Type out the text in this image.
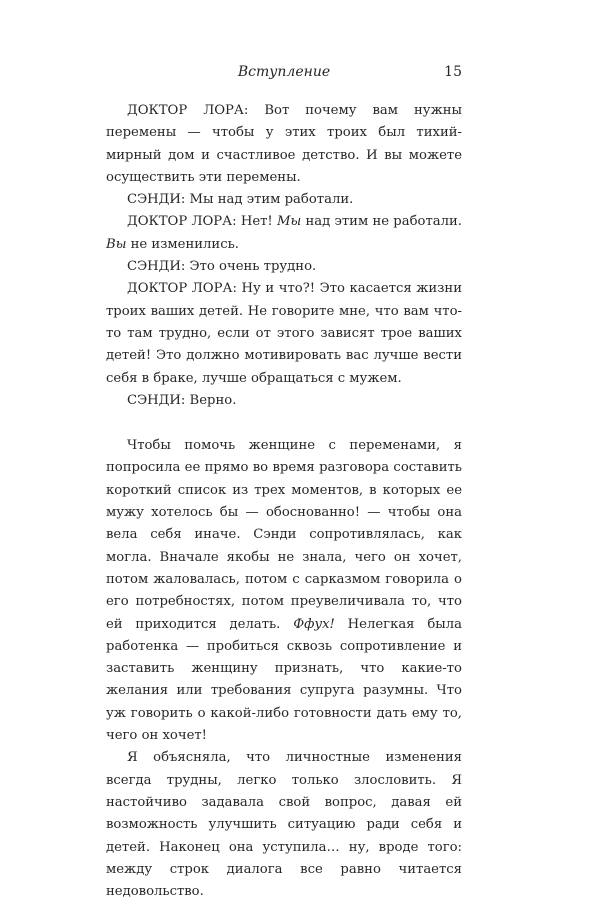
Вступление	15

ДОКТОР ЛОРА: Вот почему вам нужны перемены — чтобы у этих троих был тихий-мирный дом и счастливое детство. И вы можете осуществить эти перемены.

СЭНДИ: Мы над этим работали.

ДОКТОР ЛОРА: Нет! Мы над этим не работали. Вы не изменились.

СЭНДИ: Это очень трудно.

ДОКТОР ЛОРА: Ну и что?! Это касается жизни троих ваших детей. Не говорите мне, что вам что-то там трудно, если от этого зависят трое ваших детей! Это должно мотивировать вас лучше вести себя в браке, лучше обращаться с мужем.

СЭНДИ: Верно.

Чтобы помочь женщине с переменами, я попросила ее прямо во время разговора составить короткий список из трех моментов, в которых ее мужу хотелось бы — обоснованно! — чтобы она вела себя иначе. Сэнди сопротивлялась, как могла. Вначале якобы не знала, чего он хочет, потом жаловалась, потом с сарказмом говорила о его потребностях, потом преувеличивала то, что ей приходится делать. Ффух! Нелегкая была работенка — пробиться сквозь сопротивление и заставить женщину признать, что какие-то желания или требования супруга разумны. Что уж говорить о какой-либо готовности дать ему то, чего он хочет!

Я объясняла, что личностные изменения всегда трудны, легко только злословить. Я настойчиво задавала свой вопрос, давая ей возможность улучшить ситуацию ради себя и детей. Наконец она уступила… ну, вроде того: между строк диалога все равно читается недовольство.
